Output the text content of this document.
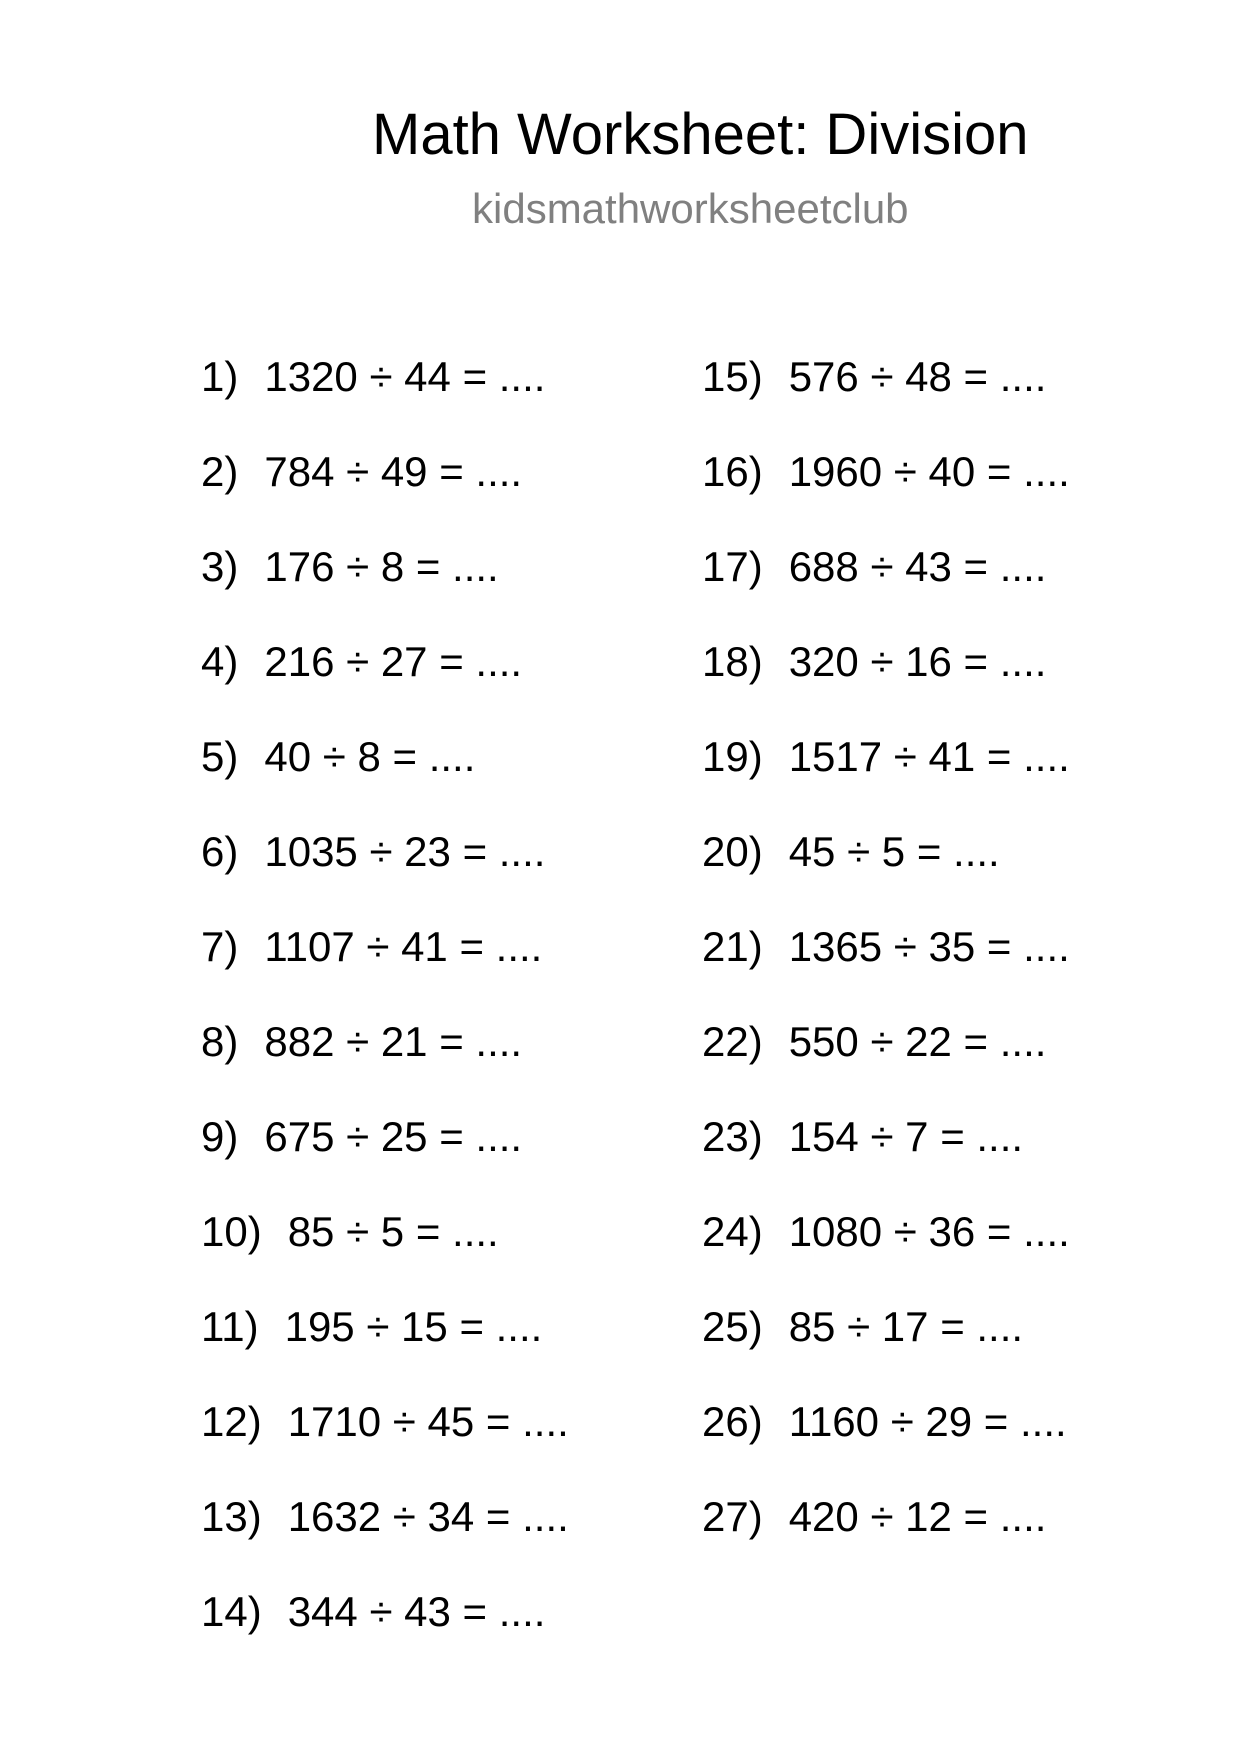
Math Worksheet: Division
kidsmathworksheetclub
1) 1320 ÷ 44 = ....
2) 784 ÷ 49 = ....
3) 176 ÷ 8 = ....
4) 216 ÷ 27 = ....
5) 40 ÷ 8 = ....
6) 1035 ÷ 23 = ....
7) 1107 ÷ 41 = ....
8) 882 ÷ 21 = ....
9) 675 ÷ 25 = ....
10) 85 ÷ 5 = ....
11) 195 ÷ 15 = ....
12) 1710 ÷ 45 = ....
13) 1632 ÷ 34 = ....
14) 344 ÷ 43 = ....
15) 576 ÷ 48 = ....
16) 1960 ÷ 40 = ....
17) 688 ÷ 43 = ....
18) 320 ÷ 16 = ....
19) 1517 ÷ 41 = ....
20) 45 ÷ 5 = ....
21) 1365 ÷ 35 = ....
22) 550 ÷ 22 = ....
23) 154 ÷ 7 = ....
24) 1080 ÷ 36 = ....
25) 85 ÷ 17 = ....
26) 1160 ÷ 29 = ....
27) 420 ÷ 12 = ....
